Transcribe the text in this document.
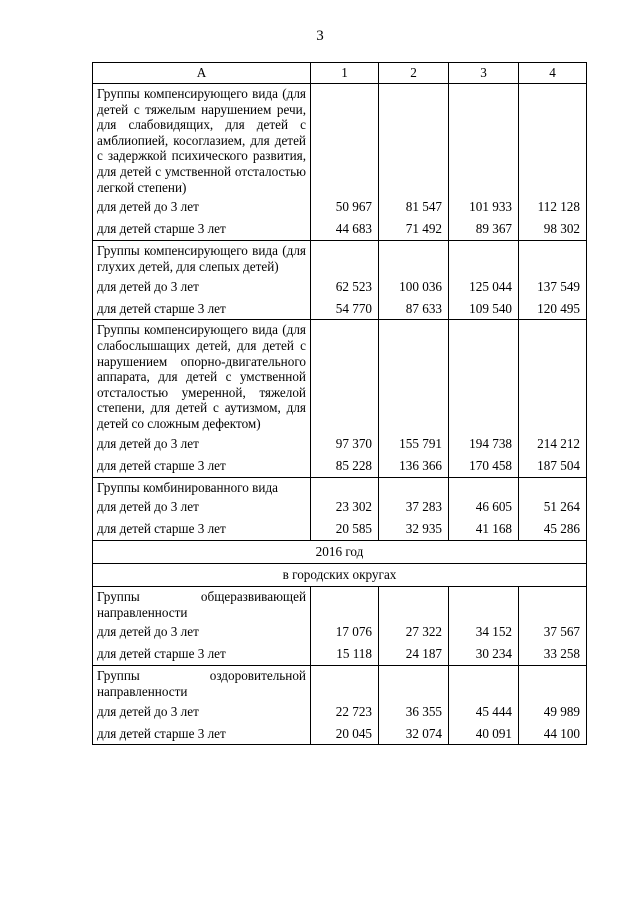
3
А	1	2	3	4
Группы компенсирующего вида (для детей с тяжелым нарушением речи, для слабовидящих, для детей с амблиопией, косоглазием, для детей с задержкой психического развития, для детей с умственной отсталостью легкой степени)				
для детей до 3 лет	50 967	81 547	101 933	112 128
для детей старше 3 лет	44 683	71 492	89 367	98 302
Группы компенсирующего вида (для глухих детей, для слепых детей)				
для детей до 3 лет	62 523	100 036	125 044	137 549
для детей старше 3 лет	54 770	87 633	109 540	120 495
Группы компенсирующего вида (для слабослышащих детей, для детей с нарушением опорно-двигательного аппарата, для детей с умственной отсталостью умеренной, тяжелой степени, для детей с аутизмом, для детей со сложным дефектом)				
для детей до 3 лет	97 370	155 791	194 738	214 212
для детей старше 3 лет	85 228	136 366	170 458	187 504
Группы комбинированного вида				
для детей до 3 лет	23 302	37 283	46 605	51 264
для детей старше 3 лет	20 585	32 935	41 168	45 286
2016 год				
в городских округах				
Группы общеразвивающей направленности				
для детей до 3 лет	17 076	27 322	34 152	37 567
для детей старше 3 лет	15 118	24 187	30 234	33 258
Группы оздоровительной направленности				
для детей до 3 лет	22 723	36 355	45 444	49 989
для детей старше 3 лет	20 045	32 074	40 091	44 100
